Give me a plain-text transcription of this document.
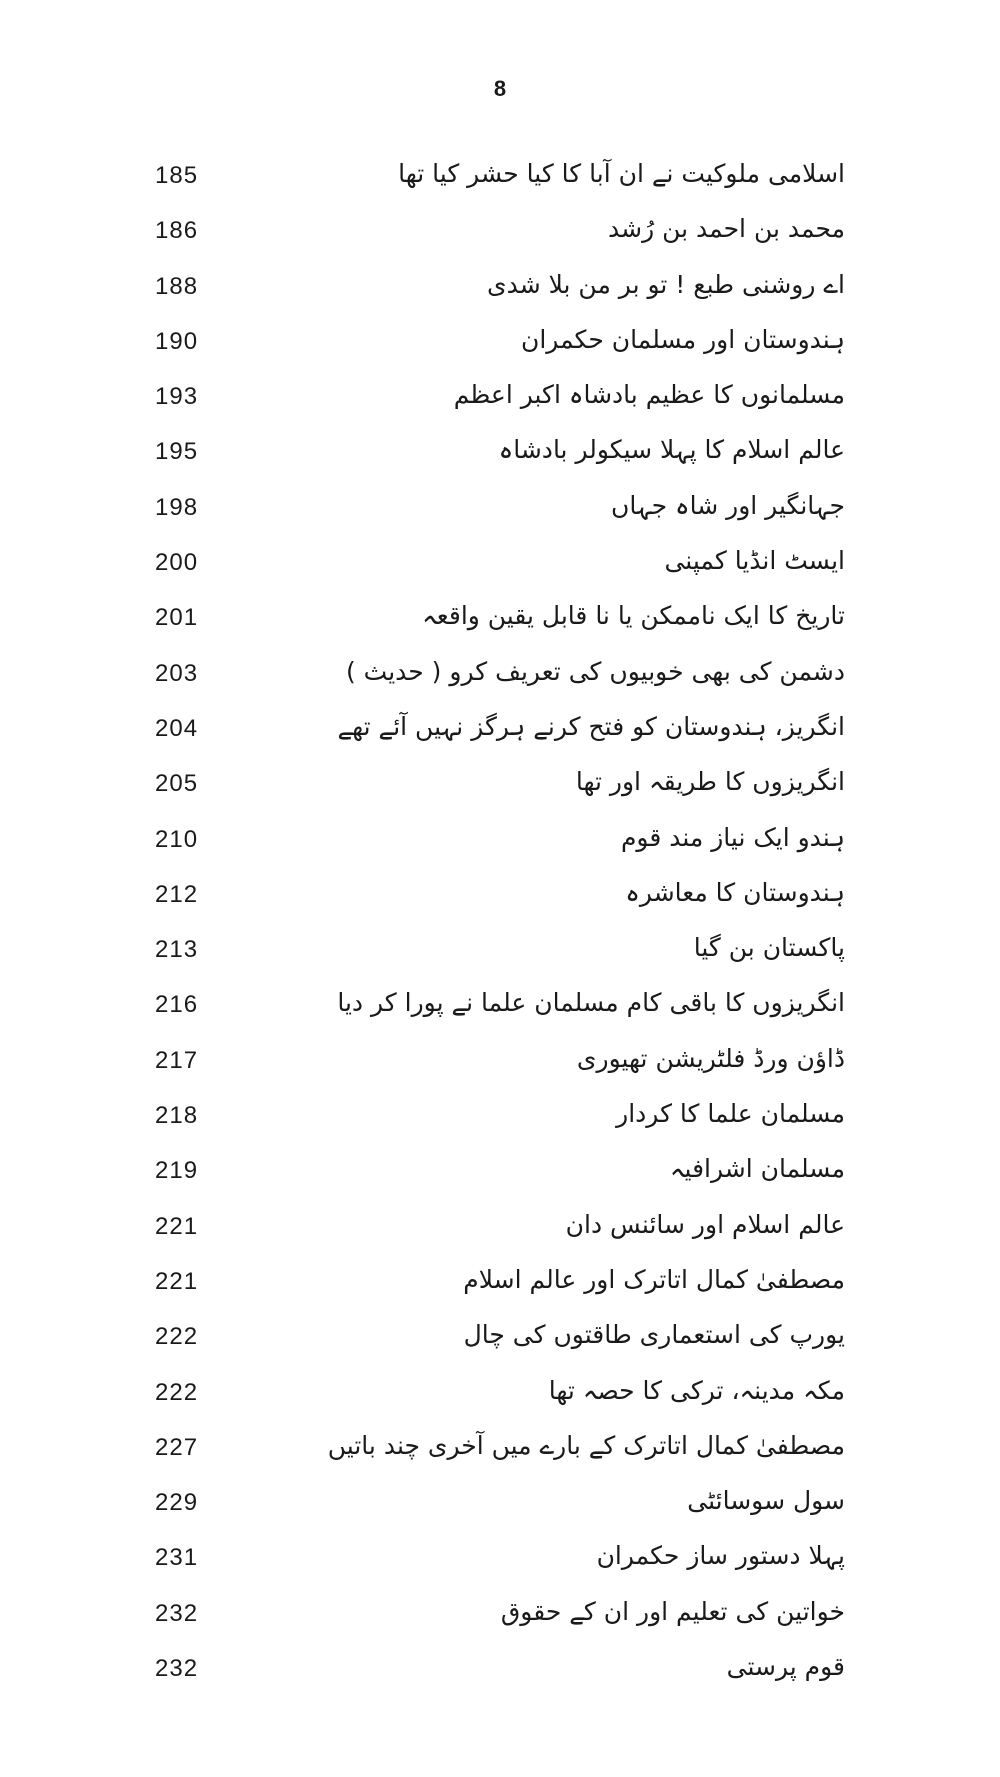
8
اسلامی ملوکیت نے ان آبا کا کیا حشر کیا تھا
185
محمد بن احمد بن رُشد
186
اے روشنی طبع ! تو بر من بلا شدی
188
ہندوستان اور مسلمان حکمران
190
مسلمانوں کا عظیم بادشاہ اکبر اعظم
193
عالم اسلام کا پہلا سیکولر بادشاہ
195
جہانگیر اور شاہ جہاں
198
ایسٹ انڈیا کمپنی
200
تاریخ کا ایک ناممکن یا نا قابل یقین واقعہ
201
دشمن کی بھی خوبیوں کی تعریف کرو ( حدیث )
203
انگریز، ہندوستان کو فتح کرنے ہرگز نہیں آئے تھے
204
انگریزوں کا طریقہ اور تھا
205
ہندو ایک نیاز مند قوم
210
ہندوستان کا معاشرہ
212
پاکستان بن گیا
213
انگریزوں کا باقی کام مسلمان علما نے پورا کر دیا
216
ڈاؤن ورڈ فلٹریشن تھیوری
217
مسلمان علما کا کردار
218
مسلمان اشرافیہ
219
عالم اسلام اور سائنس دان
221
مصطفیٰ کمال اتاترک اور عالم اسلام
221
یورپ کی استعماری طاقتوں کی چال
222
مکہ مدینہ، ترکی کا حصہ تھا
222
مصطفیٰ کمال اتاترک کے بارے میں آخری چند باتیں
227
سول سوسائٹی
229
پہلا دستور ساز حکمران
231
خواتین کی تعلیم اور ان کے حقوق
232
قوم پرستی
232
